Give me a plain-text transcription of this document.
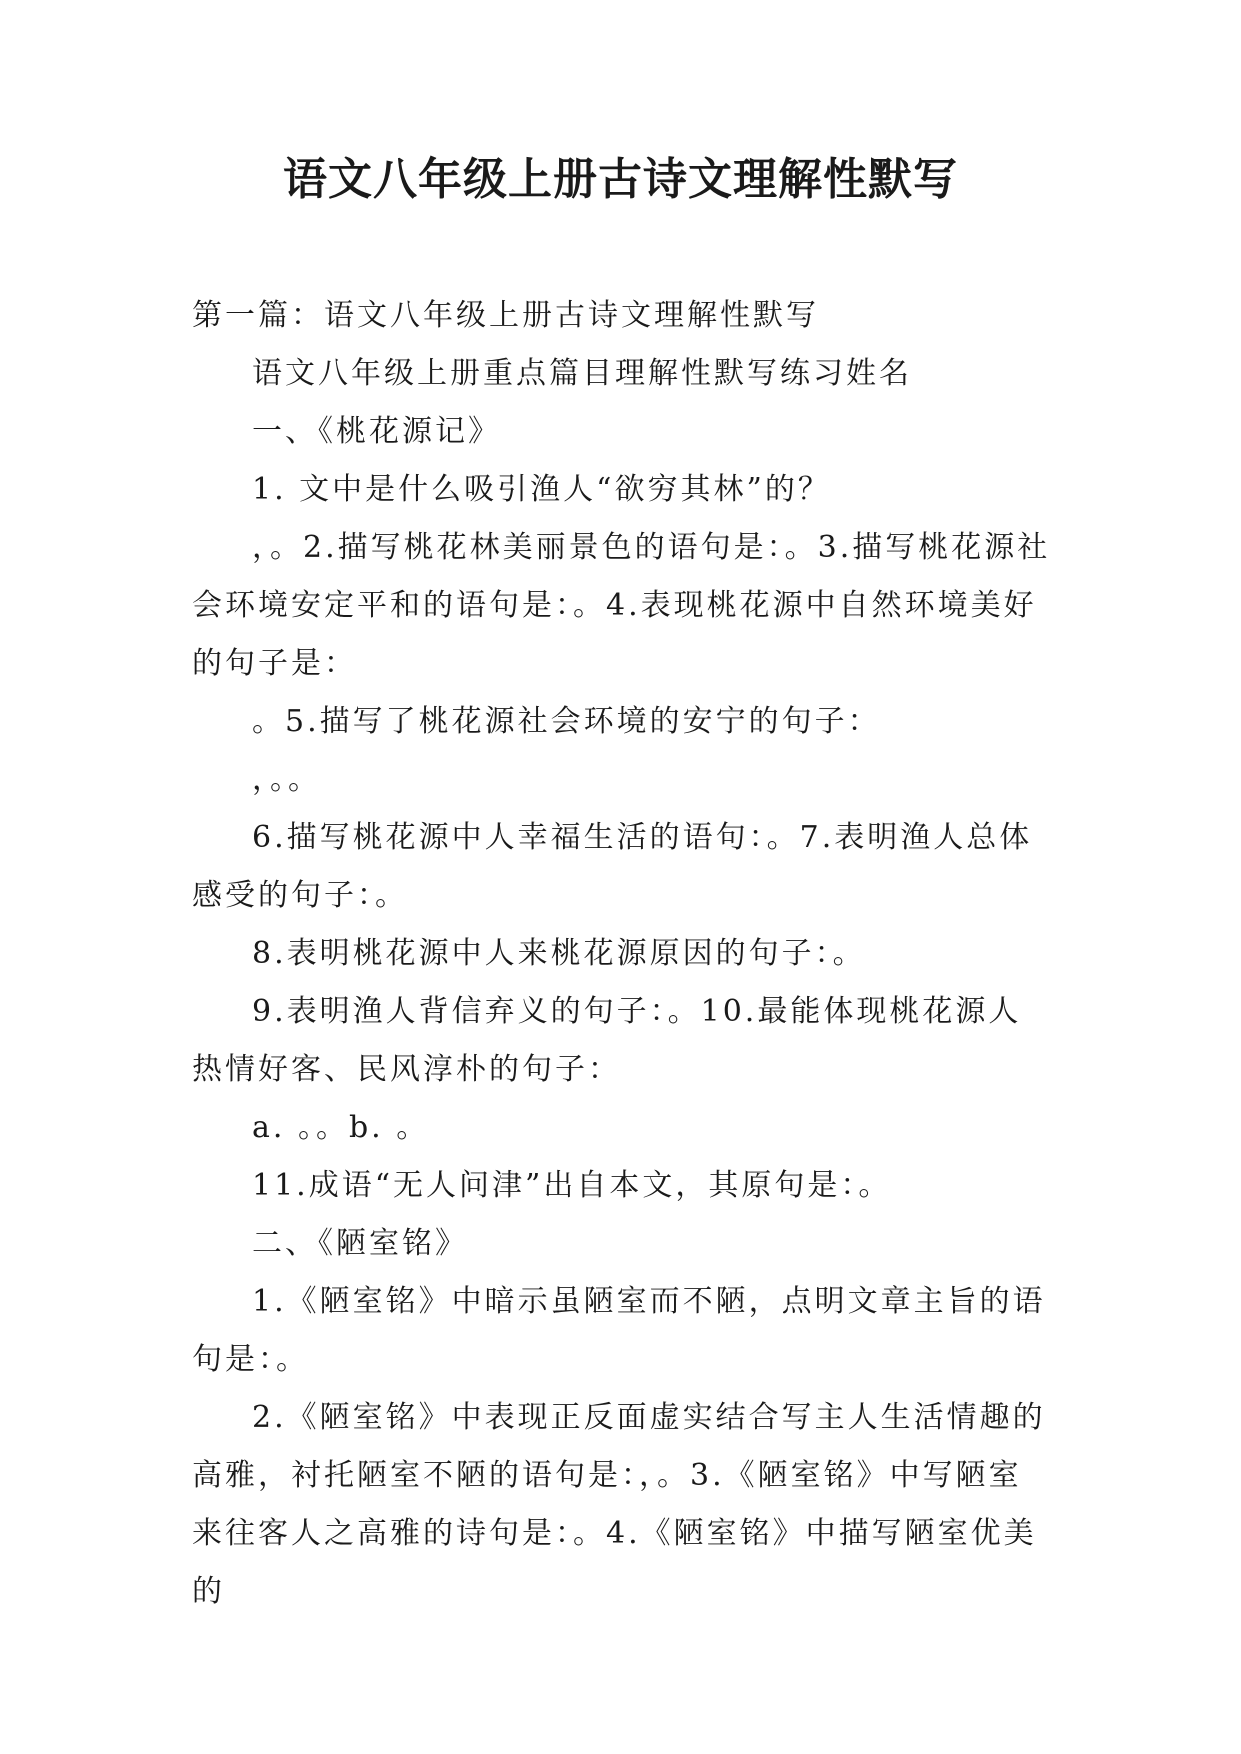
语文八年级上册古诗文理解性默写

第一篇：语文八年级上册古诗文理解性默写

语文八年级上册重点篇目理解性默写练习姓名

一、《桃花源记》

1. 文中是什么吸引渔人“欲穷其林”的？

，。2.描写桃花林美丽景色的语句是：。3.描写桃花源社会环境安定平和的语句是：。4.表现桃花源中自然环境美好的句子是：

。5.描写了桃花源社会环境的安宁的句子：

，。。

6.描写桃花源中人幸福生活的语句：。7.表明渔人总体感受的句子：。

8.表明桃花源中人来桃花源原因的句子：。

9.表明渔人背信弃义的句子：。10.最能体现桃花源人热情好客、民风淳朴的句子：

a. 。。b. 。

11.成语“无人问津”出自本文，其原句是：。

二、《陋室铭》

1.《陋室铭》中暗示虽陋室而不陋，点明文章主旨的语句是：。

2.《陋室铭》中表现正反面虚实结合写主人生活情趣的高雅，衬托陋室不陋的语句是：，。3.《陋室铭》中写陋室来往客人之高雅的诗句是：。4.《陋室铭》中描写陋室优美的
